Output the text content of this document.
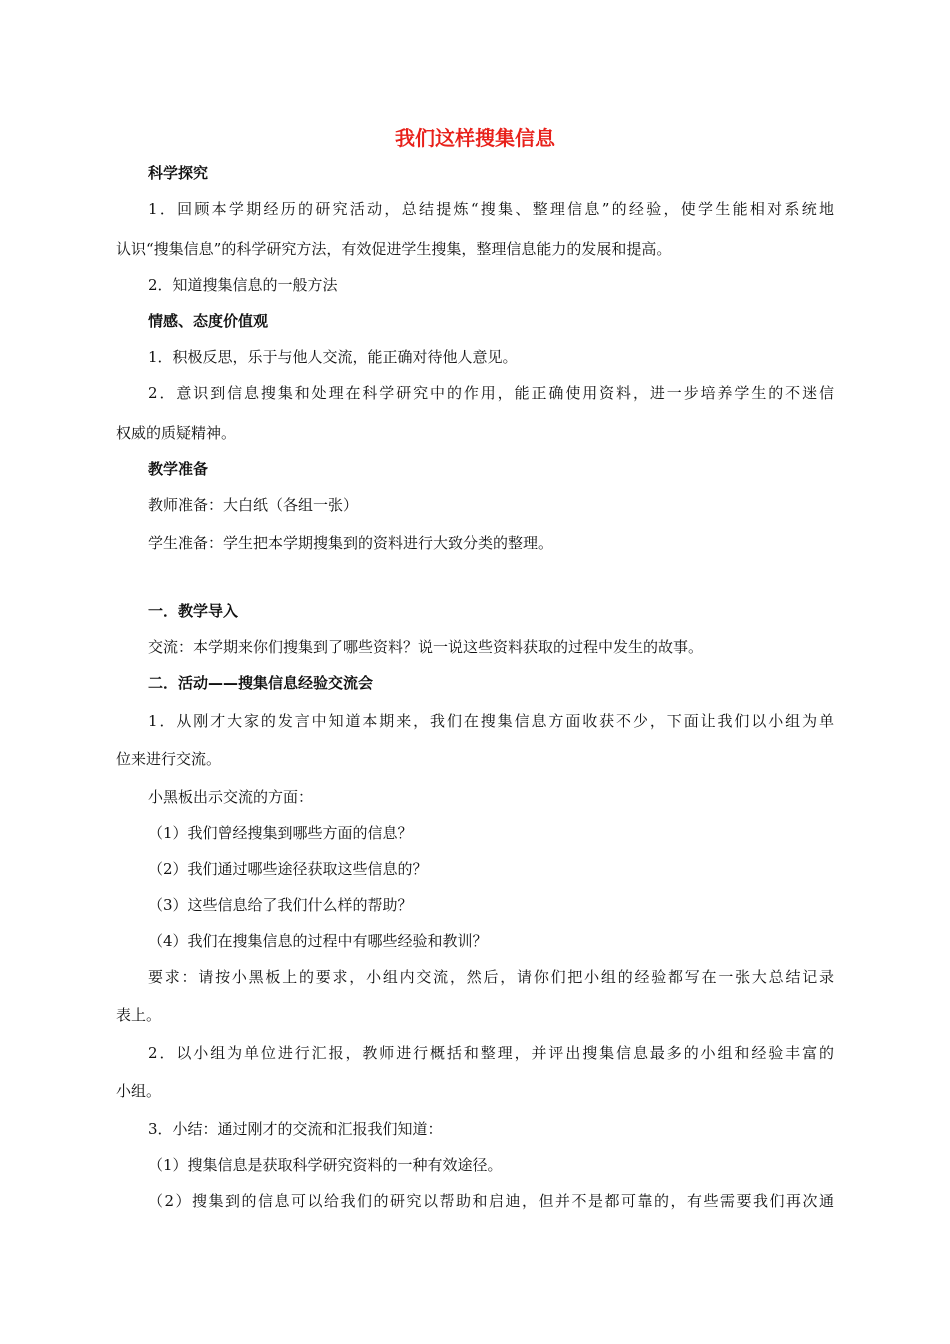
我们这样搜集信息
科学探究
1．回顾本学期经历的研究活动，总结提炼“搜集、整理信息”的经验，使学生能相对系统地
认识“搜集信息”的科学研究方法，有效促进学生搜集，整理信息能力的发展和提高。
2．知道搜集信息的一般方法
情感、态度价值观
1．积极反思，乐于与他人交流，能正确对待他人意见。
2．意识到信息搜集和处理在科学研究中的作用，能正确使用资料，进一步培养学生的不迷信
权威的质疑精神。
教学准备
教师准备：大白纸（各组一张）
学生准备：学生把本学期搜集到的资料进行大致分类的整理。
一．教学导入
交流：本学期来你们搜集到了哪些资料？说一说这些资料获取的过程中发生的故事。
二．活动——搜集信息经验交流会
1．从刚才大家的发言中知道本期来，我们在搜集信息方面收获不少，下面让我们以小组为单
位来进行交流。
小黑板出示交流的方面：
（1）我们曾经搜集到哪些方面的信息？
（2）我们通过哪些途径获取这些信息的？
（3）这些信息给了我们什么样的帮助？
（4）我们在搜集信息的过程中有哪些经验和教训？
要求：请按小黑板上的要求，小组内交流，然后，请你们把小组的经验都写在一张大总结记录
表上。
2．以小组为单位进行汇报，教师进行概括和整理，并评出搜集信息最多的小组和经验丰富的
小组。
3．小结：通过刚才的交流和汇报我们知道：
（1）搜集信息是获取科学研究资料的一种有效途径。
（2）搜集到的信息可以给我们的研究以帮助和启迪，但并不是都可靠的，有些需要我们再次通
